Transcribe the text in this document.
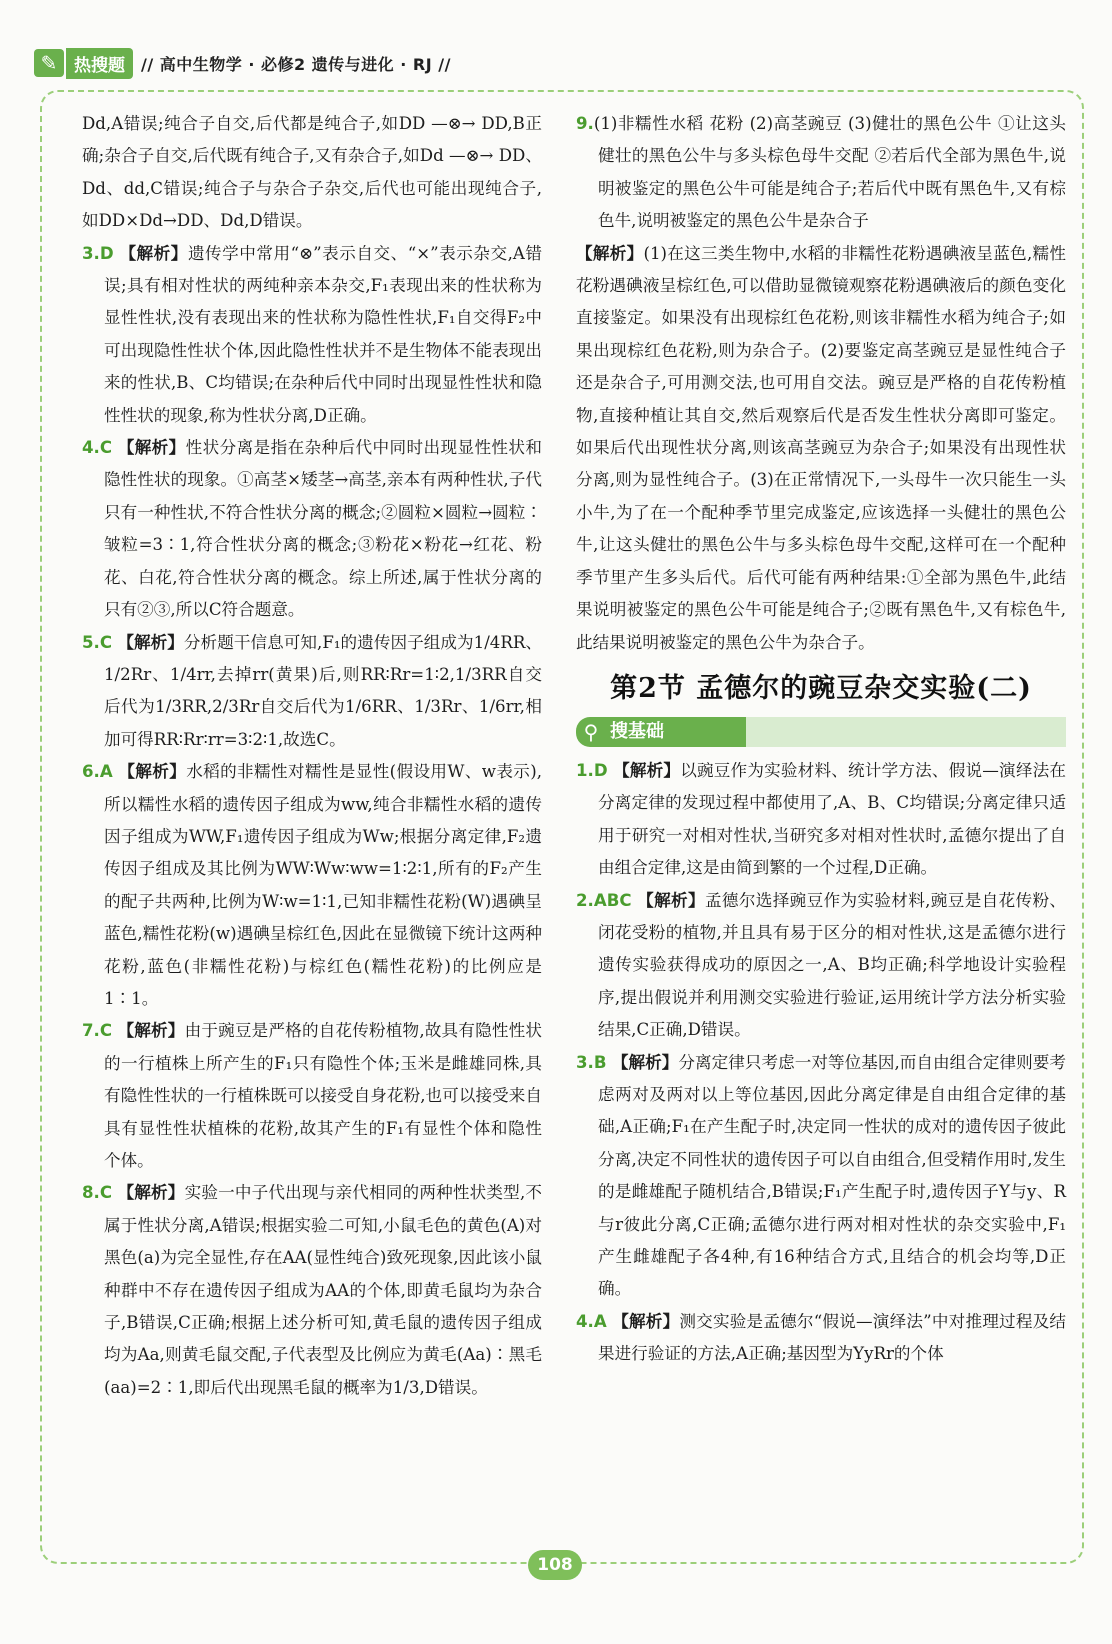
✎ 热搜题	// 高中生物学 · 必修2 遗传与进化 · RJ //

Dd,A错误;纯合子自交,后代都是纯合子,如DD —⊗→ DD,B正确;杂合子自交,后代既有纯合子,又有杂合子,如Dd —⊗→ DD、Dd、dd,C错误;纯合子与杂合子杂交,后代也可能出现纯合子,如DD×Dd→DD、Dd,D错误。

3.D 【解析】遗传学中常用“⊗”表示自交、“×”表示杂交,A错误;具有相对性状的两纯种亲本杂交,F₁表现出来的性状称为显性性状,没有表现出来的性状称为隐性性状,F₁自交得F₂中可出现隐性性状个体,因此隐性性状并不是生物体不能表现出来的性状,B、C均错误;在杂种后代中同时出现显性性状和隐性性状的现象,称为性状分离,D正确。

4.C 【解析】性状分离是指在杂种后代中同时出现显性性状和隐性性状的现象。①高茎×矮茎→高茎,亲本有两种性状,子代只有一种性状,不符合性状分离的概念;②圆粒×圆粒→圆粒∶皱粒=3∶1,符合性状分离的概念;③粉花×粉花→红花、粉花、白花,符合性状分离的概念。综上所述,属于性状分离的只有②③,所以C符合题意。

5.C 【解析】分析题干信息可知,F₁的遗传因子组成为1/4RR、1/2Rr、1/4rr,去掉rr(黄果)后,则RR∶Rr=1∶2,1/3RR自交后代为1/3RR,2/3Rr自交后代为1/6RR、1/3Rr、1/6rr,相加可得RR∶Rr∶rr=3∶2∶1,故选C。

6.A 【解析】水稻的非糯性对糯性是显性(假设用W、w表示),所以糯性水稻的遗传因子组成为ww,纯合非糯性水稻的遗传因子组成为WW,F₁遗传因子组成为Ww;根据分离定律,F₂遗传因子组成及其比例为WW∶Ww∶ww=1∶2∶1,所有的F₂产生的配子共两种,比例为W∶w=1∶1,已知非糯性花粉(W)遇碘呈蓝色,糯性花粉(w)遇碘呈棕红色,因此在显微镜下统计这两种花粉,蓝色(非糯性花粉)与棕红色(糯性花粉)的比例应是1∶1。

7.C 【解析】由于豌豆是严格的自花传粉植物,故具有隐性性状的一行植株上所产生的F₁只有隐性个体;玉米是雌雄同株,具有隐性性状的一行植株既可以接受自身花粉,也可以接受来自具有显性性状植株的花粉,故其产生的F₁有显性个体和隐性个体。

8.C 【解析】实验一中子代出现与亲代相同的两种性状类型,不属于性状分离,A错误;根据实验二可知,小鼠毛色的黄色(A)对黑色(a)为完全显性,存在AA(显性纯合)致死现象,因此该小鼠种群中不存在遗传因子组成为AA的个体,即黄毛鼠均为杂合子,B错误,C正确;根据上述分析可知,黄毛鼠的遗传因子组成均为Aa,则黄毛鼠交配,子代表型及比例应为黄毛(Aa)∶黑毛(aa)=2∶1,即后代出现黑毛鼠的概率为1/3,D错误。

9.(1)非糯性水稻 花粉 (2)高茎豌豆 (3)健壮的黑色公牛 ①让这头健壮的黑色公牛与多头棕色母牛交配 ②若后代全部为黑色牛,说明被鉴定的黑色公牛可能是纯合子;若后代中既有黑色牛,又有棕色牛,说明被鉴定的黑色公牛是杂合子

【解析】(1)在这三类生物中,水稻的非糯性花粉遇碘液呈蓝色,糯性花粉遇碘液呈棕红色,可以借助显微镜观察花粉遇碘液后的颜色变化直接鉴定。如果没有出现棕红色花粉,则该非糯性水稻为纯合子;如果出现棕红色花粉,则为杂合子。(2)要鉴定高茎豌豆是显性纯合子还是杂合子,可用测交法,也可用自交法。豌豆是严格的自花传粉植物,直接种植让其自交,然后观察后代是否发生性状分离即可鉴定。如果后代出现性状分离,则该高茎豌豆为杂合子;如果没有出现性状分离,则为显性纯合子。(3)在正常情况下,一头母牛一次只能生一头小牛,为了在一个配种季节里完成鉴定,应该选择一头健壮的黑色公牛,让这头健壮的黑色公牛与多头棕色母牛交配,这样可在一个配种季节里产生多头后代。后代可能有两种结果:①全部为黑色牛,此结果说明被鉴定的黑色公牛可能是纯合子;②既有黑色牛,又有棕色牛,此结果说明被鉴定的黑色公牛为杂合子。

第2节 孟德尔的豌豆杂交实验(二)
⚲ 搜基础

1.D 【解析】以豌豆作为实验材料、统计学方法、假说—演绎法在分离定律的发现过程中都使用了,A、B、C均错误;分离定律只适用于研究一对相对性状,当研究多对相对性状时,孟德尔提出了自由组合定律,这是由简到繁的一个过程,D正确。

2.ABC 【解析】孟德尔选择豌豆作为实验材料,豌豆是自花传粉、闭花受粉的植物,并且具有易于区分的相对性状,这是孟德尔进行遗传实验获得成功的原因之一,A、B均正确;科学地设计实验程序,提出假说并利用测交实验进行验证,运用统计学方法分析实验结果,C正确,D错误。

3.B 【解析】分离定律只考虑一对等位基因,而自由组合定律则要考虑两对及两对以上等位基因,因此分离定律是自由组合定律的基础,A正确;F₁在产生配子时,决定同一性状的成对的遗传因子彼此分离,决定不同性状的遗传因子可以自由组合,但受精作用时,发生的是雌雄配子随机结合,B错误;F₁产生配子时,遗传因子Y与y、R与r彼此分离,C正确;孟德尔进行两对相对性状的杂交实验中,F₁产生雌雄配子各4种,有16种结合方式,且结合的机会均等,D正确。

4.A 【解析】测交实验是孟德尔“假说—演绎法”中对推理过程及结果进行验证的方法,A正确;基因型为YyRr的个体

108
